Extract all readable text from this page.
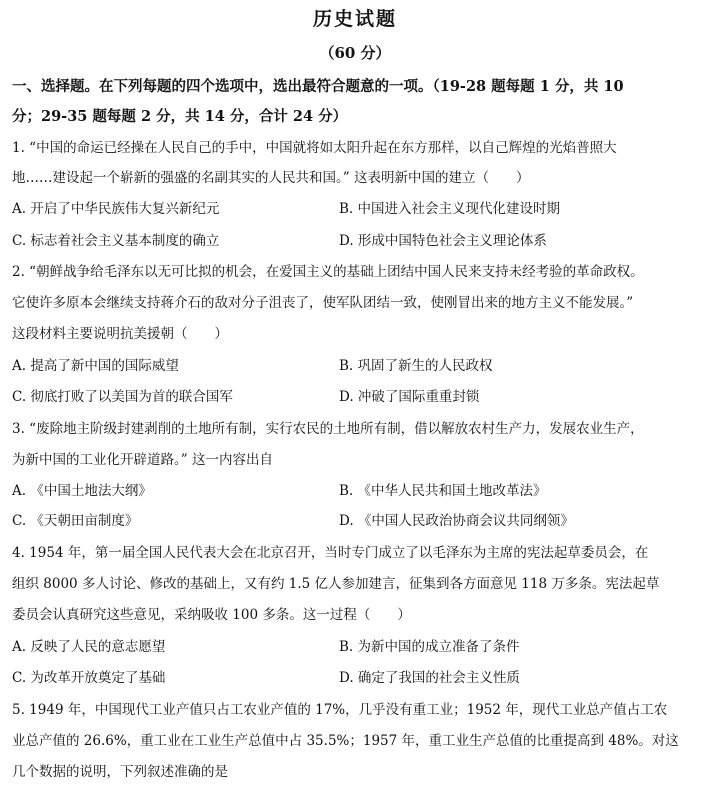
历史试题
（60 分）
一、选择题。在下列每题的四个选项中，选出最符合题意的一项。（19-28 题每题 1 分，共 10
分；29-35 题每题 2 分，共 14 分，合计 24 分）
1. “中国的命运已经操在人民自己的手中，中国就将如太阳升起在东方那样，以自己辉煌的光焰普照大
地……建设起一个崭新的强盛的名副其实的人民共和国。” 这表明新中国的建立（　　）
A. 开启了中华民族伟大复兴新纪元	B. 中国进入社会主义现代化建设时期
C. 标志着社会主义基本制度的确立	D. 形成中国特色社会主义理论体系
2. “朝鲜战争给毛泽东以无可比拟的机会，在爱国主义的基础上团结中国人民来支持未经考验的革命政权。
它使许多原本会继续支持蒋介石的敌对分子沮丧了，使军队团结一致，使刚冒出来的地方主义不能发展。”
这段材料主要说明抗美援朝（　　）
A. 提高了新中国的国际威望	B. 巩固了新生的人民政权
C. 彻底打败了以美国为首的联合国军	D. 冲破了国际重重封锁
3. “废除地主阶级封建剥削的土地所有制，实行农民的土地所有制，借以解放农村生产力，发展农业生产，
为新中国的工业化开辟道路。” 这一内容出自
A. 《中国土地法大纲》	B. 《中华人民共和国土地改革法》
C. 《天朝田亩制度》	D. 《中国人民政治协商会议共同纲领》
4. 1954 年，第一届全国人民代表大会在北京召开，当时专门成立了以毛泽东为主席的宪法起草委员会，在
组织 8000 多人讨论、修改的基础上，又有约 1.5 亿人参加建言，征集到各方面意见 118 万多条。宪法起草
委员会认真研究这些意见，采纳吸收 100 多条。这一过程（　　）
A. 反映了人民的意志愿望	B. 为新中国的成立准备了条件
C. 为改革开放奠定了基础	D. 确定了我国的社会主义性质
5. 1949 年，中国现代工业产值只占工农业产值的 17%，几乎没有重工业；1952 年，现代工业总产值占工农
业总产值的 26.6%，重工业在工业生产总值中占 35.5%；1957 年，重工业生产总值的比重提高到 48%。对这
几个数据的说明，下列叙述准确的是
